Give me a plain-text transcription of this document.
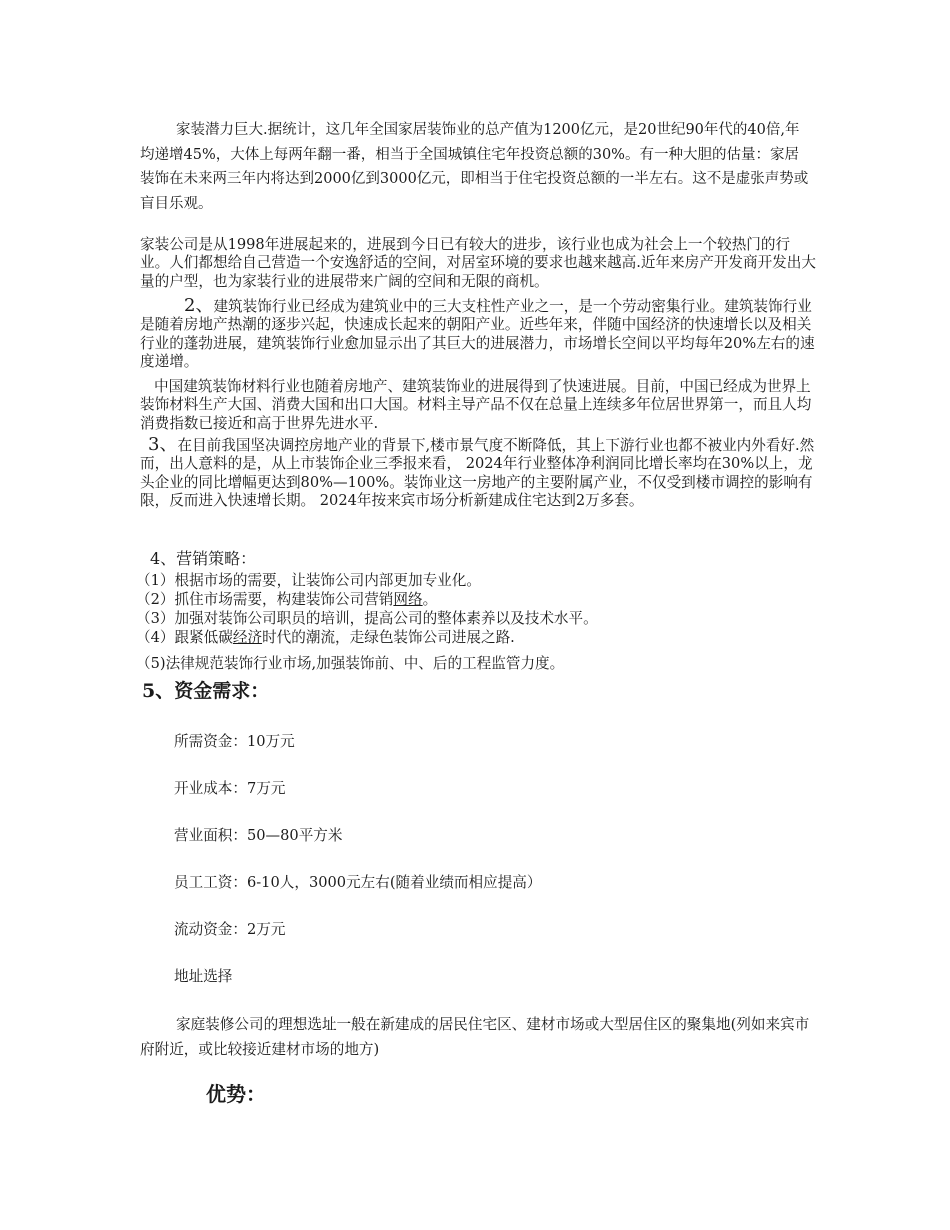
家装潜力巨大.据统计，这几年全国家居装饰业的总产值为1200亿元，是20世纪90年代的40倍,年均递增45%，大体上每两年翻一番，相当于全国城镇住宅年投资总额的30%。有一种大胆的估量：家居装饰在未来两三年内将达到2000亿到3000亿元，即相当于住宅投资总额的一半左右。这不是虚张声势或盲目乐观。

家装公司是从1998年进展起来的，进展到今日已有较大的进步，该行业也成为社会上一个较热门的行业。人们都想给自己营造一个安逸舒适的空间，对居室环境的要求也越来越高.近年来房产开发商开发出大量的户型，也为家装行业的进展带来广阔的空间和无限的商机。

2、建筑装饰行业已经成为建筑业中的三大支柱性产业之一，是一个劳动密集行业。建筑装饰行业是随着房地产热潮的逐步兴起，快速成长起来的朝阳产业。近些年来，伴随中国经济的快速增长以及相关行业的蓬勃进展，建筑装饰行业愈加显示出了其巨大的进展潜力，市场增长空间以平均每年20%左右的速度递增。

中国建筑装饰材料行业也随着房地产、建筑装饰业的进展得到了快速进展。目前，中国已经成为世界上装饰材料生产大国、消费大国和出口大国。材料主导产品不仅在总量上连续多年位居世界第一，而且人均消费指数已接近和高于世界先进水平.

3、在目前我国坚决调控房地产业的背景下,楼市景气度不断降低，其上下游行业也都不被业内外看好.然而，出人意料的是，从上市装饰企业三季报来看， 2024年行业整体净利润同比增长率均在30%以上，龙头企业的同比增幅更达到80%—100%。装饰业这一房地产的主要附属产业，不仅受到楼市调控的影响有限，反而进入快速增长期。 2024年按来宾市场分析新建成住宅达到2万多套。

4、营销策略：
（1）根据市场的需要，让装饰公司内部更加专业化。
（2）抓住市场需要，构建装饰公司营销网络。
（3）加强对装饰公司职员的培训，提高公司的整体素养以及技术水平。
（4）跟紧低碳经济时代的潮流，走绿色装饰公司进展之路.
（5)法律规范装饰行业市场,加强装饰前、中、后的工程监管力度。

5、资金需求：

所需资金：10万元

开业成本：7万元

营业面积：50—80平方米

员工工资：6-10人，3000元左右(随着业绩而相应提高）

流动资金：2万元

地址选择

家庭装修公司的理想选址一般在新建成的居民住宅区、建材市场或大型居住区的聚集地(列如来宾市府附近，或比较接近建材市场的地方)

优势：
